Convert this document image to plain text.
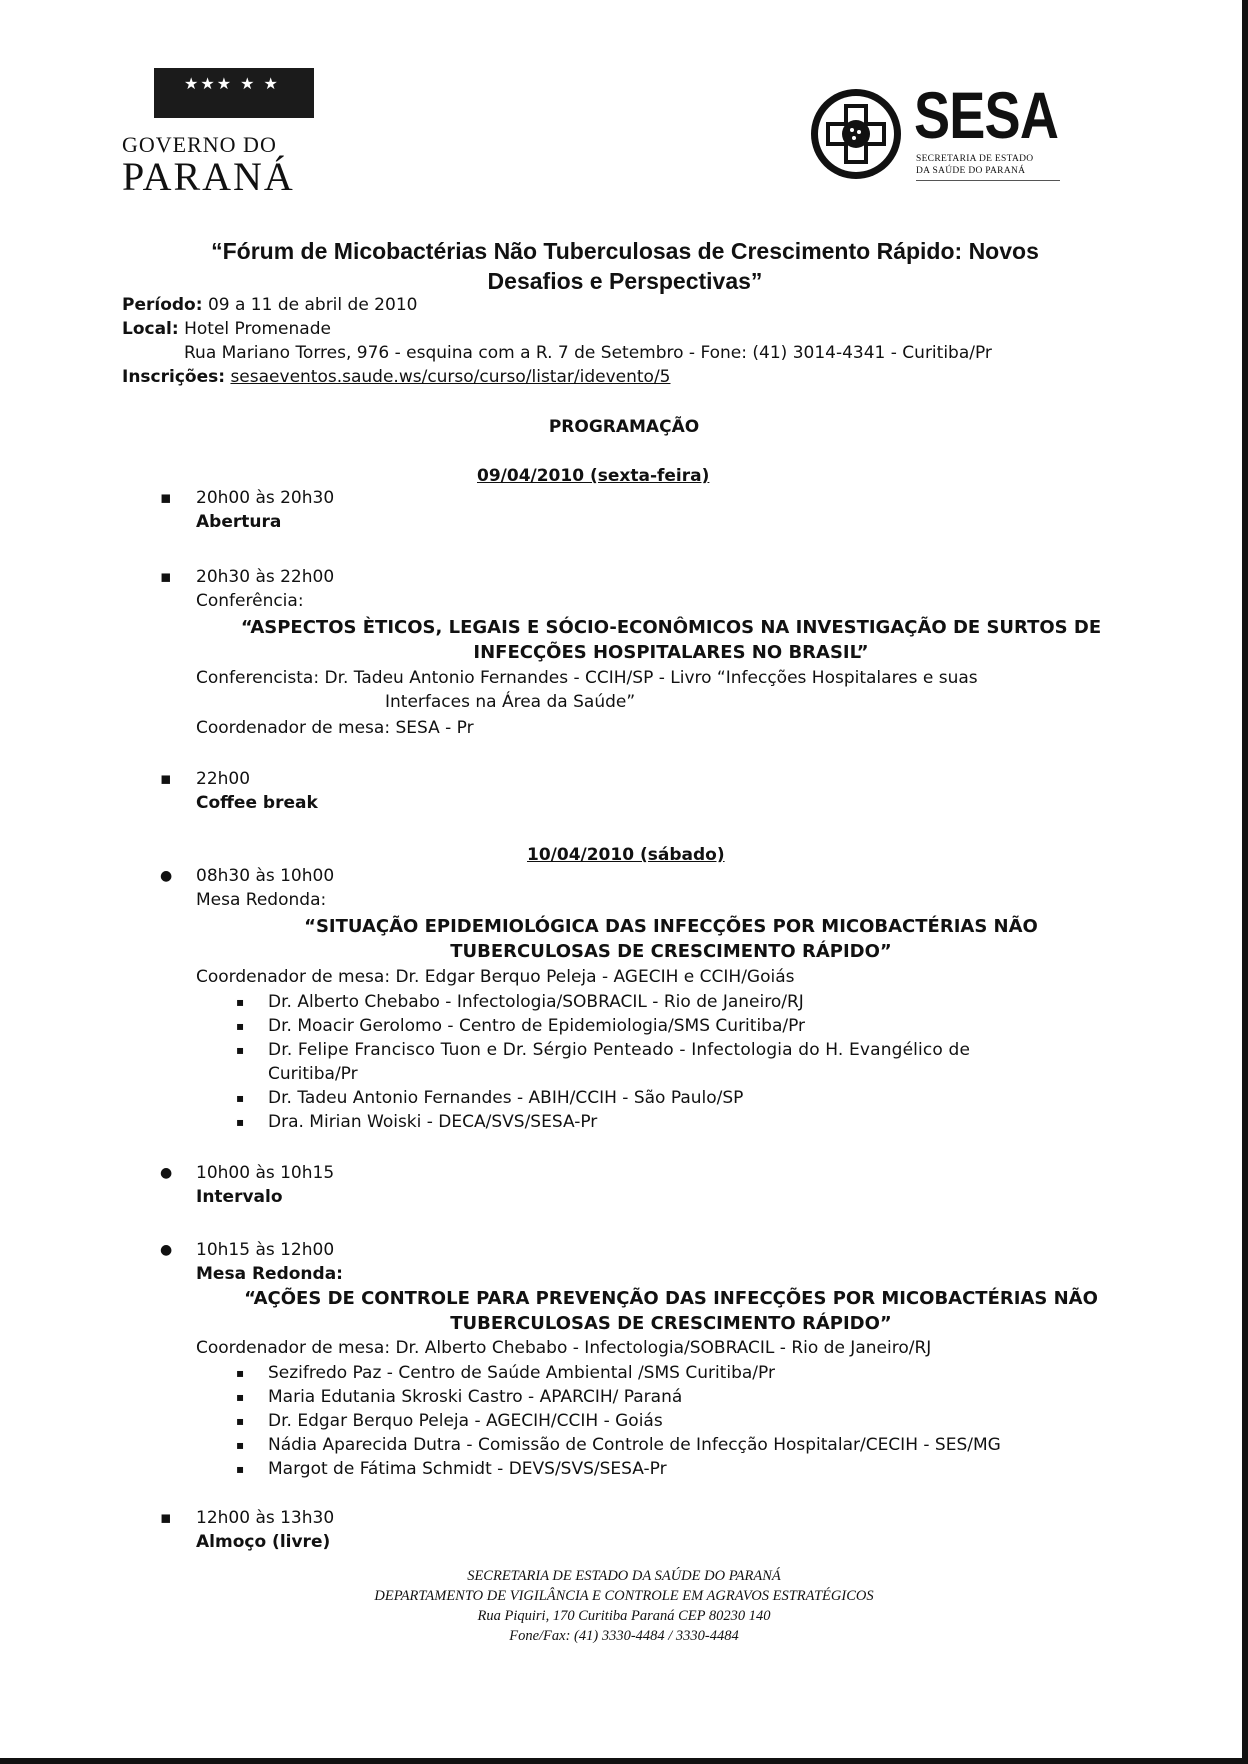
★★★ ★ ★
GOVERNO DO
PARANÁ
SESA
SECRETARIA DE ESTADO
DA SAÚDE DO PARANÁ
“Fórum de Micobactérias Não Tuberculosas de Crescimento Rápido: Novos
Desafios e Perspectivas”
Período: 09 a 11 de abril de 2010
Local: Hotel Promenade
Rua Mariano Torres, 976 - esquina com a R. 7 de Setembro - Fone: (41) 3014-4341 - Curitiba/Pr
Inscrições: sesaeventos.saude.ws/curso/curso/listar/idevento/5
PROGRAMAÇÃO
09/04/2010 (sexta-feira)
▪ 20h00 às 20h30
Abertura
▪ 20h30 às 22h00
Conferência:
“ASPECTOS ÈTICOS, LEGAIS E SÓCIO-ECONÔMICOS NA INVESTIGAÇÃO DE SURTOS DE
INFECÇÕES HOSPITALARES NO BRASIL”
Conferencista: Dr. Tadeu Antonio Fernandes - CCIH/SP - Livro “Infecções Hospitalares e suas
Interfaces na Área da Saúde”
Coordenador de mesa: SESA - Pr
▪ 22h00
Coffee break
10/04/2010 (sábado)
● 08h30 às 10h00
Mesa Redonda:
“SITUAÇÃO EPIDEMIOLÓGICA DAS INFECÇÕES POR MICOBACTÉRIAS NÃO
TUBERCULOSAS DE CRESCIMENTO RÁPIDO”
Coordenador de mesa: Dr. Edgar Berquo Peleja - AGECIH e CCIH/Goiás
▪ Dr. Alberto Chebabo - Infectologia/SOBRACIL - Rio de Janeiro/RJ
▪ Dr. Moacir Gerolomo - Centro de Epidemiologia/SMS Curitiba/Pr
▪ Dr. Felipe Francisco Tuon e Dr. Sérgio Penteado - Infectologia do H. Evangélico de
Curitiba/Pr
▪ Dr. Tadeu Antonio Fernandes - ABIH/CCIH - São Paulo/SP
▪ Dra. Mirian Woiski - DECA/SVS/SESA-Pr
● 10h00 às 10h15
Intervalo
● 10h15 às 12h00
Mesa Redonda:
“AÇÕES DE CONTROLE PARA PREVENÇÃO DAS INFECÇÕES POR MICOBACTÉRIAS NÃO
TUBERCULOSAS DE CRESCIMENTO RÁPIDO”
Coordenador de mesa: Dr. Alberto Chebabo - Infectologia/SOBRACIL - Rio de Janeiro/RJ
▪ Sezifredo Paz - Centro de Saúde Ambiental /SMS Curitiba/Pr
▪ Maria Edutania Skroski Castro - APARCIH/ Paraná
▪ Dr. Edgar Berquo Peleja - AGECIH/CCIH - Goiás
▪ Nádia Aparecida Dutra - Comissão de Controle de Infecção Hospitalar/CECIH - SES/MG
▪ Margot de Fátima Schmidt - DEVS/SVS/SESA-Pr
▪ 12h00 às 13h30
Almoço (livre)
SECRETARIA DE ESTADO DA SAÚDE DO PARANÁ
DEPARTAMENTO DE VIGILÂNCIA E CONTROLE EM AGRAVOS ESTRATÉGICOS
Rua Piquiri, 170 Curitiba Paraná CEP 80230 140
Fone/Fax: (41) 3330-4484 / 3330-4484
